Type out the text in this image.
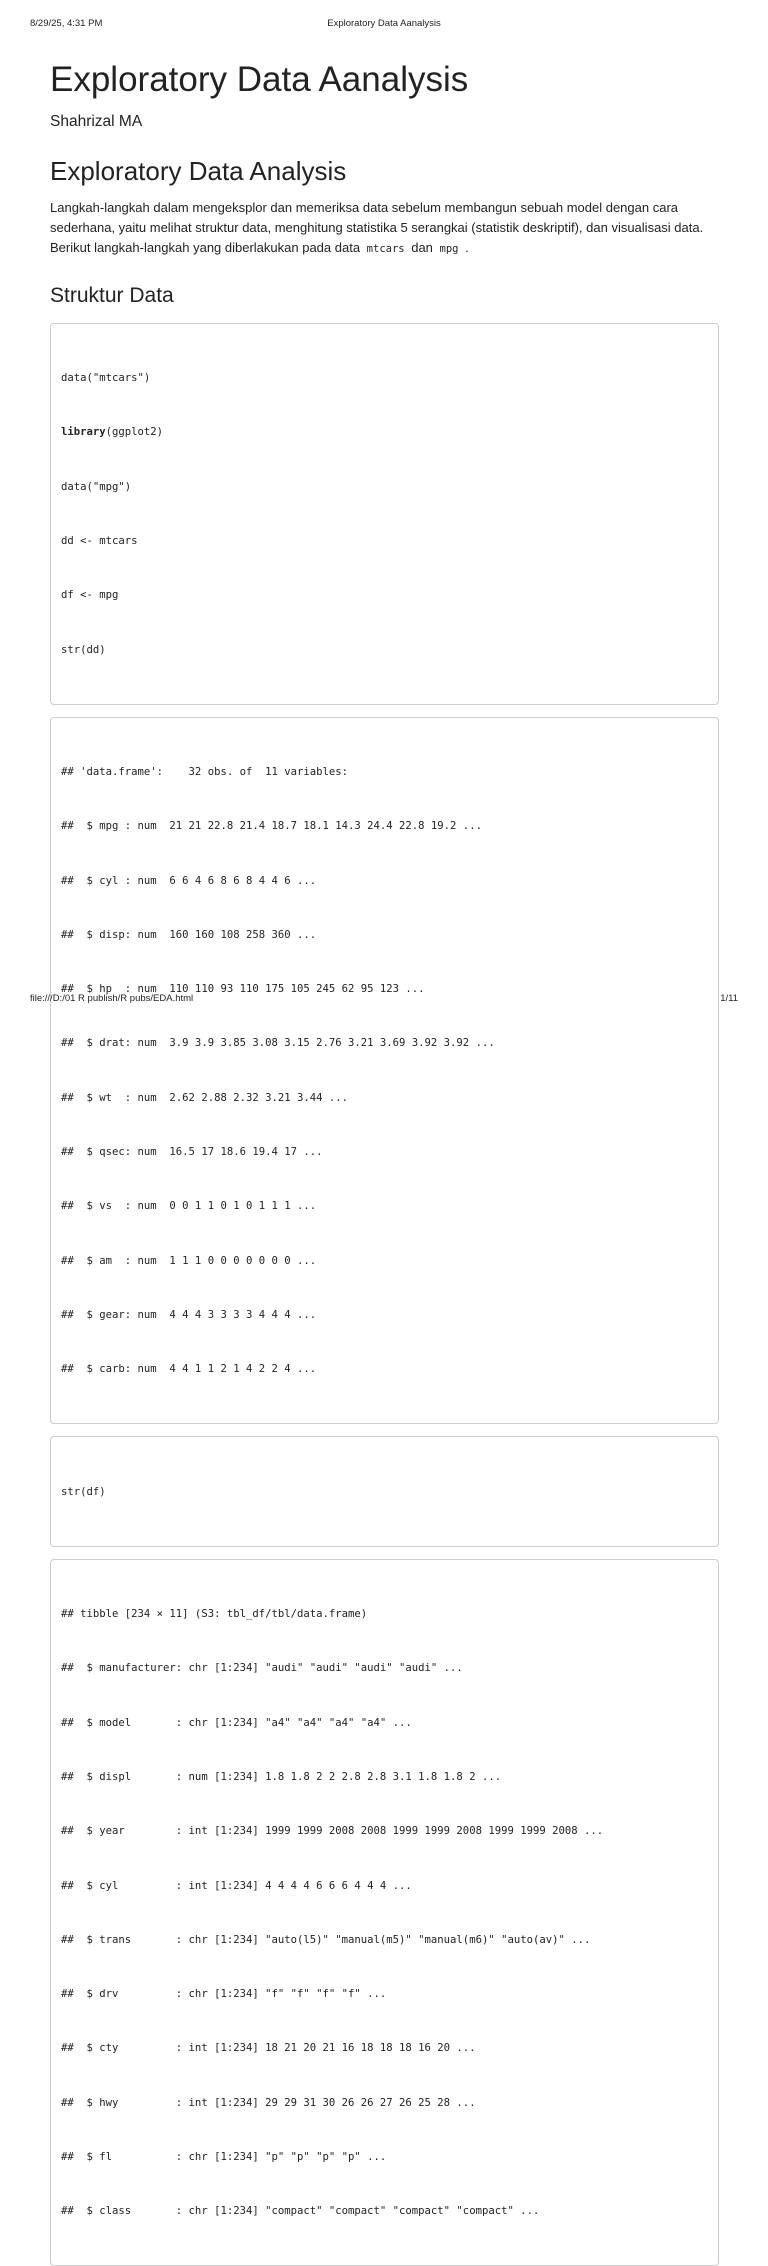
8/29/25, 4:31 PM	Exploratory Data Aanalysis
Exploratory Data Aanalysis
Shahrizal MA
Exploratory Data Analysis

Langkah-langkah dalam mengeksplor dan memeriksa data sebelum membangun sebuah model dengan cara sederhana, yaitu melihat struktur data, menghitung statistika 5 serangkai (statistik deskriptif), dan visualisasi data. Berikut langkah-langkah yang diberlakukan pada data mtcars dan mpg .

Struktur Data

data("mtcars")

library(ggplot2)

data("mpg")

dd <- mtcars

df <- mpg

str(dd)

## 'data.frame':    32 obs. of  11 variables:

##  $ mpg : num  21 21 22.8 21.4 18.7 18.1 14.3 24.4 22.8 19.2 ...

##  $ cyl : num  6 6 4 6 8 6 8 4 4 6 ...

##  $ disp: num  160 160 108 258 360 ...

##  $ hp  : num  110 110 93 110 175 105 245 62 95 123 ...

##  $ drat: num  3.9 3.9 3.85 3.08 3.15 2.76 3.21 3.69 3.92 3.92 ...

##  $ wt  : num  2.62 2.88 2.32 3.21 3.44 ...

##  $ qsec: num  16.5 17 18.6 19.4 17 ...

##  $ vs  : num  0 0 1 1 0 1 0 1 1 1 ...

##  $ am  : num  1 1 1 0 0 0 0 0 0 0 ...

##  $ gear: num  4 4 4 3 3 3 3 4 4 4 ...

##  $ carb: num  4 4 1 1 2 1 4 2 2 4 ...

str(df)

## tibble [234 × 11] (S3: tbl_df/tbl/data.frame)

##  $ manufacturer: chr [1:234] "audi" "audi" "audi" "audi" ...

##  $ model       : chr [1:234] "a4" "a4" "a4" "a4" ...

##  $ displ       : num [1:234] 1.8 1.8 2 2 2.8 2.8 3.1 1.8 1.8 2 ...

##  $ year        : int [1:234] 1999 1999 2008 2008 1999 1999 2008 1999 1999 2008 ...

##  $ cyl         : int [1:234] 4 4 4 4 6 6 6 4 4 4 ...

##  $ trans       : chr [1:234] "auto(l5)" "manual(m5)" "manual(m6)" "auto(av)" ...

##  $ drv         : chr [1:234] "f" "f" "f" "f" ...

##  $ cty         : int [1:234] 18 21 20 21 16 18 18 18 16 20 ...

##  $ hwy         : int [1:234] 29 29 31 30 26 26 27 26 25 28 ...

##  $ fl          : chr [1:234] "p" "p" "p" "p" ...

##  $ class       : chr [1:234] "compact" "compact" "compact" "compact" ...

file:///D:/01 R publish/R pubs/EDA.html	1/11
